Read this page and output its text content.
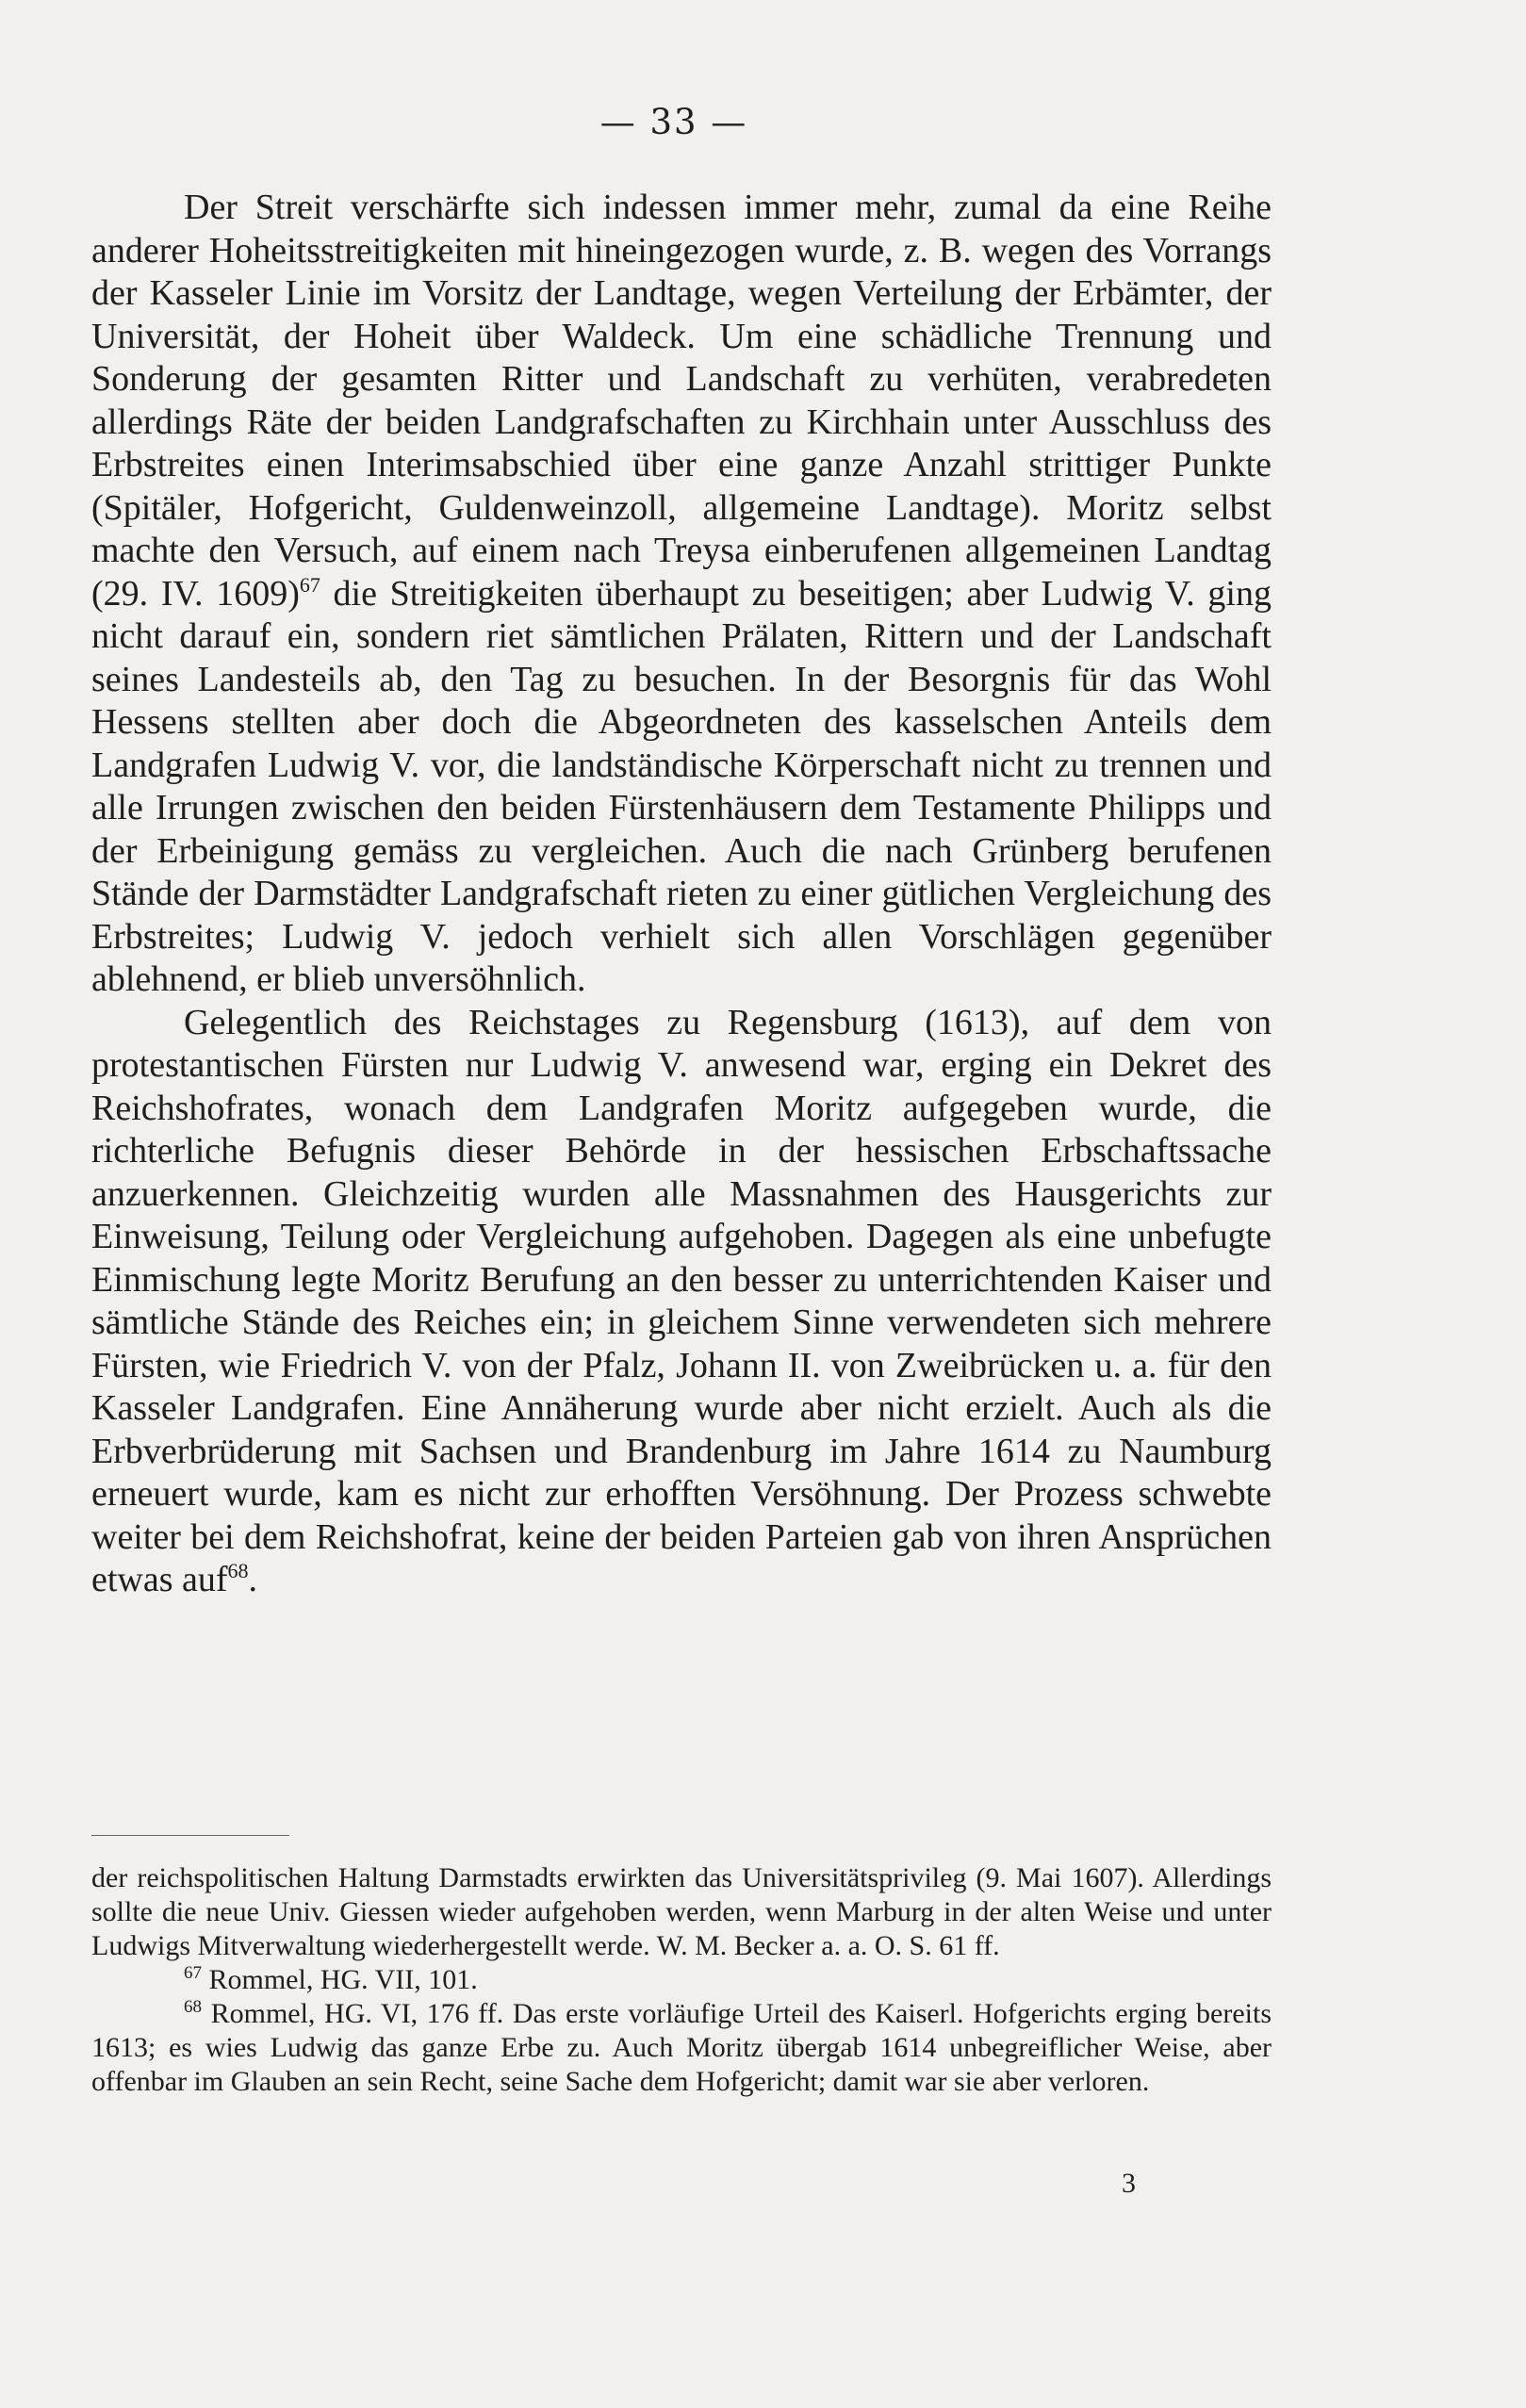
— 33 —

Der Streit verschärfte sich indessen immer mehr, zumal da eine Reihe anderer Hoheitsstreitigkeiten mit hineingezogen wurde, z. B. wegen des Vorrangs der Kasseler Linie im Vorsitz der Landtage, wegen Verteilung der Erbämter, der Universität, der Hoheit über Waldeck. Um eine schädliche Trennung und Sonderung der gesamten Ritter und Landschaft zu verhüten, verabredeten allerdings Räte der beiden Landgrafschaften zu Kirchhain unter Ausschluss des Erbstreites einen Interimsabschied über eine ganze Anzahl strittiger Punkte (Spitäler, Hofgericht, Guldenweinzoll, allgemeine Landtage). Moritz selbst machte den Versuch, auf einem nach Treysa einberufenen allgemeinen Landtag (29. IV. 1609)$^{67}$ die Streitigkeiten überhaupt zu beseitigen; aber Ludwig V. ging nicht darauf ein, sondern riet sämtlichen Prälaten, Rittern und der Landschaft seines Landesteils ab, den Tag zu besuchen. In der Besorgnis für das Wohl Hessens stellten aber doch die Abgeordneten des kasselschen Anteils dem Landgrafen Ludwig V. vor, die landständische Körperschaft nicht zu trennen und alle Irrungen zwischen den beiden Fürstenhäusern dem Testamente Philipps und der Erbeinigung gemäss zu vergleichen. Auch die nach Grünberg berufenen Stände der Darmstädter Landgrafschaft rieten zu einer gütlichen Vergleichung des Erbstreites; Ludwig V. jedoch verhielt sich allen Vorschlägen gegenüber ablehnend, er blieb unversöhnlich.

Gelegentlich des Reichstages zu Regensburg (1613), auf dem von protestantischen Fürsten nur Ludwig V. anwesend war, erging ein Dekret des Reichshofrates, wonach dem Landgrafen Moritz aufgegeben wurde, die richterliche Befugnis dieser Behörde in der hessischen Erbschaftssache anzuerkennen. Gleichzeitig wurden alle Massnahmen des Hausgerichts zur Einweisung, Teilung oder Vergleichung aufgehoben. Dagegen als eine unbefugte Einmischung legte Moritz Berufung an den besser zu unterrichtenden Kaiser und sämtliche Stände des Reiches ein; in gleichem Sinne verwendeten sich mehrere Fürsten, wie Friedrich V. von der Pfalz, Johann II. von Zweibrücken u. a. für den Kasseler Landgrafen. Eine Annäherung wurde aber nicht erzielt. Auch als die Erbverbrüderung mit Sachsen und Brandenburg im Jahre 1614 zu Naumburg erneuert wurde, kam es nicht zur erhofften Versöhnung. Der Prozess schwebte weiter bei dem Reichshofrat, keine der beiden Parteien gab von ihren Ansprüchen etwas auf$^{68}$.

der reichspolitischen Haltung Darmstadts erwirkten das Universitätsprivileg (9. Mai 1607). Allerdings sollte die neue Univ. Giessen wieder aufgehoben werden, wenn Marburg in der alten Weise und unter Ludwigs Mitverwaltung wiederhergestellt werde. W. M. Becker a. a. O. S. 61 ff.

$^{67}$ Rommel, HG. VII, 101.

$^{68}$ Rommel, HG. VI, 176 ff. Das erste vorläufige Urteil des Kaiserl. Hofgerichts erging bereits 1613; es wies Ludwig das ganze Erbe zu. Auch Moritz übergab 1614 unbegreiflicher Weise, aber offenbar im Glauben an sein Recht, seine Sache dem Hofgericht; damit war sie aber verloren.

3
